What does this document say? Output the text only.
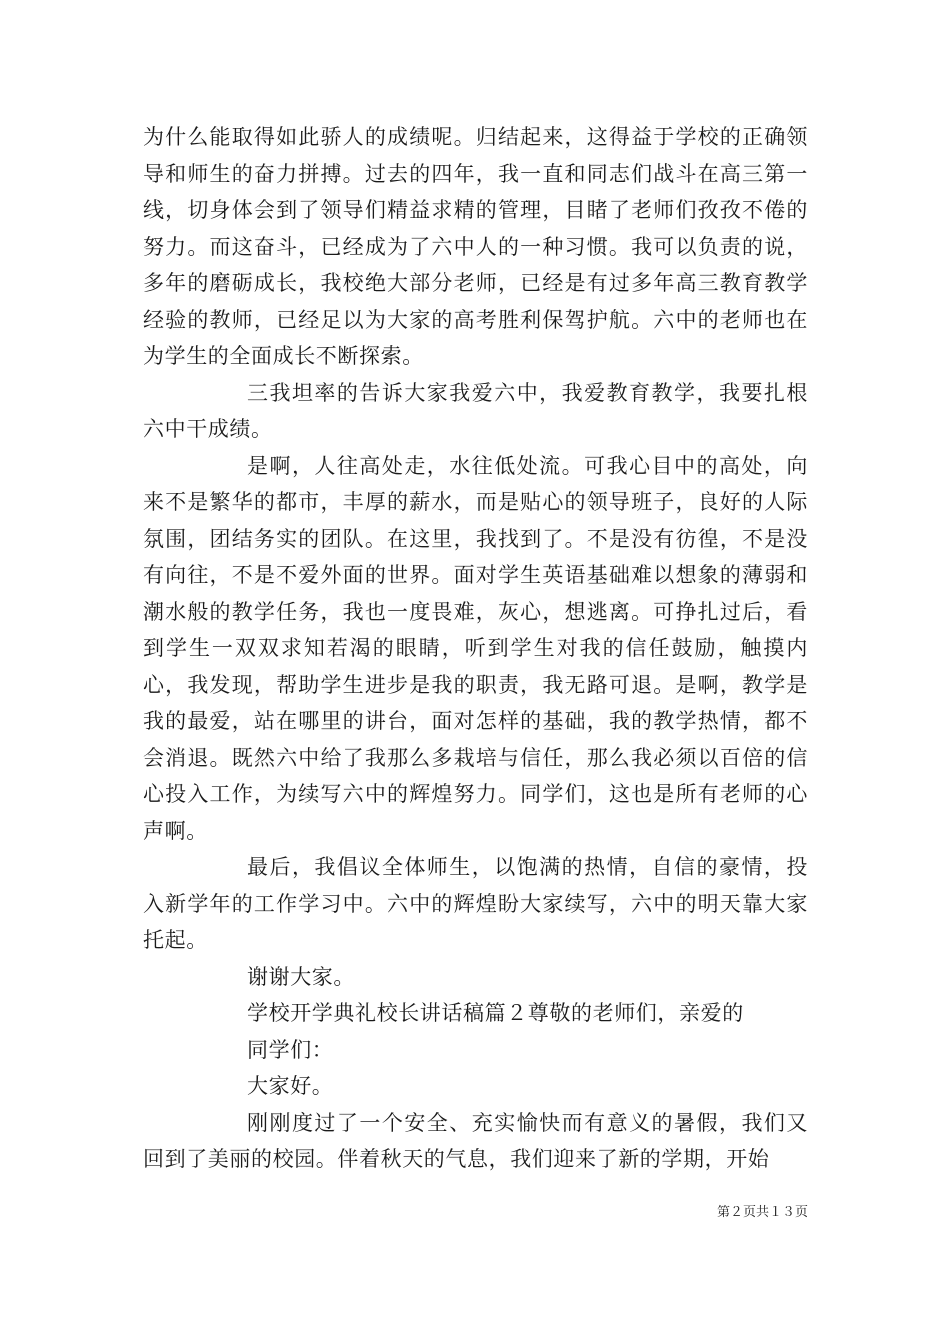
为什么能取得如此骄人的成绩呢。归结起来，这得益于学校的正确领导和师生的奋力拼搏。过去的四年，我一直和同志们战斗在高三第一线，切身体会到了领导们精益求精的管理，目睹了老师们孜孜不倦的努力。而这奋斗，已经成为了六中人的一种习惯。我可以负责的说，多年的磨砺成长，我校绝大部分老师，已经是有过多年高三教育教学经验的教师，已经足以为大家的高考胜利保驾护航。六中的老师也在为学生的全面成长不断探索。

三我坦率的告诉大家我爱六中，我爱教育教学，我要扎根六中干成绩。

是啊，人往高处走，水往低处流。可我心目中的高处，向来不是繁华的都市，丰厚的薪水，而是贴心的领导班子，良好的人际氛围，团结务实的团队。在这里，我找到了。不是没有彷徨，不是没有向往，不是不爱外面的世界。面对学生英语基础难以想象的薄弱和潮水般的教学任务，我也一度畏难，灰心，想逃离。可挣扎过后，看到学生一双双求知若渴的眼睛，听到学生对我的信任鼓励，触摸内心，我发现，帮助学生进步是我的职责，我无路可退。是啊，教学是我的最爱，站在哪里的讲台，面对怎样的基础，我的教学热情，都不会消退。既然六中给了我那么多栽培与信任，那么我必须以百倍的信心投入工作，为续写六中的辉煌努力。同学们，这也是所有老师的心声啊。

最后，我倡议全体师生，以饱满的热情，自信的豪情，投入新学年的工作学习中。六中的辉煌盼大家续写，六中的明天靠大家托起。

谢谢大家。

学校开学典礼校长讲话稿篇２尊敬的老师们，亲爱的

同学们：

大家好。

刚刚度过了一个安全、充实愉快而有意义的暑假，我们又回到了美丽的校园。伴着秋天的气息，我们迎来了新的学期，开始

第２页共１３页
